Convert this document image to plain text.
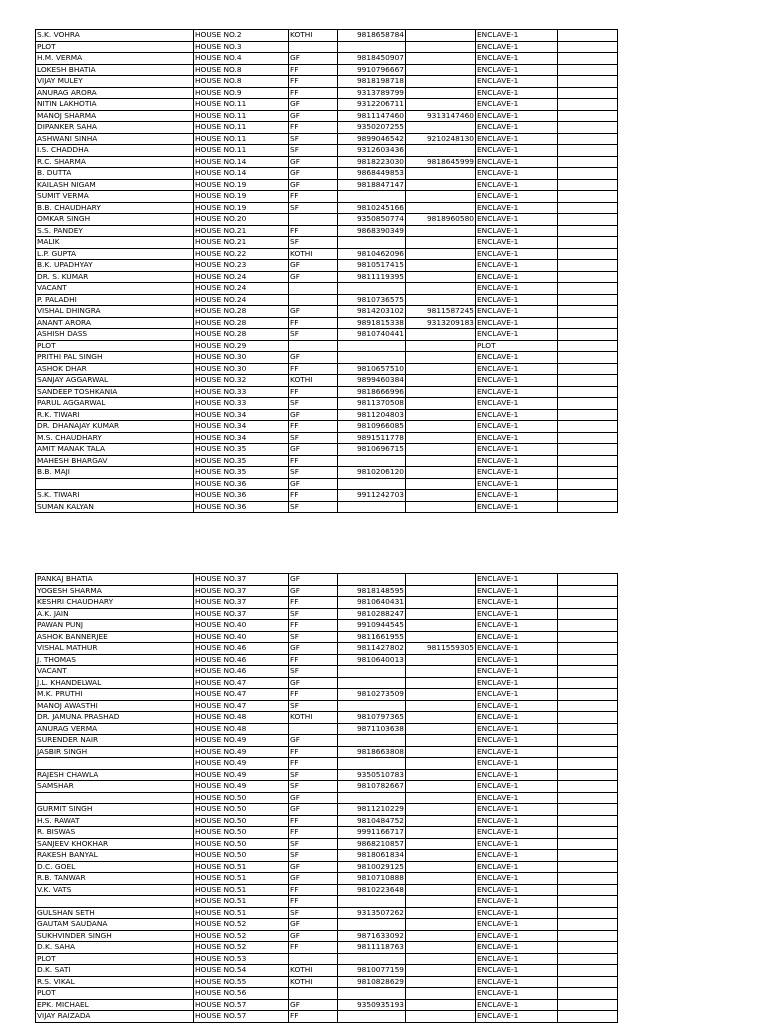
S.K. VOHRA	HOUSE NO.2	KOTHI	9818658784		ENCLAVE-1	
PLOT	HOUSE NO.3				ENCLAVE-1	
H.M. VERMA	HOUSE NO.4	GF	9818450907		ENCLAVE-1	
LOKESH BHATIA	HOUSE NO.8	FF	9910796667		ENCLAVE-1	
VIJAY MULEY	HOUSE NO.8	FF	9818198718		ENCLAVE-1	
ANURAG ARORA	HOUSE NO.9	FF	9313789799		ENCLAVE-1	
NITIN LAKHOTIA	HOUSE NO.11	GF	9312206711		ENCLAVE-1	
MANOJ SHARMA	HOUSE NO.11	GF	9811147460	9313147460	ENCLAVE-1	
DIPANKER SAHA	HOUSE NO.11	FF	9350207255		ENCLAVE-1	
ASHWANI SINHA	HOUSE NO.11	SF	9899046542	9210248130	ENCLAVE-1	
I.S. CHADDHA	HOUSE NO.11	SF	9312603436		ENCLAVE-1	
R.C. SHARMA	HOUSE NO.14	GF	9818223030	9818645999	ENCLAVE-1	
B. DUTTA	HOUSE NO.14	GF	9868449853		ENCLAVE-1	
KAILASH NIGAM	HOUSE NO.19	GF	9818847147		ENCLAVE-1	
SUMIT VERMA	HOUSE NO.19	FF			ENCLAVE-1	
B.B. CHAUDHARY	HOUSE NO.19	SF	9810245166		ENCLAVE-1	
OMKAR SINGH	HOUSE NO.20		9350850774	9818960580	ENCLAVE-1	
S.S. PANDEY	HOUSE NO.21	FF	9868390349		ENCLAVE-1	
MALIK	HOUSE NO.21	SF			ENCLAVE-1	
L.P. GUPTA	HOUSE NO.22	KOTHI	9810462096		ENCLAVE-1	
B.K. UPADHYAY	HOUSE NO.23	GF	9810517415		ENCLAVE-1	
DR. S. KUMAR	HOUSE NO.24	GF	9811119395		ENCLAVE-1	
VACANT	HOUSE NO.24				ENCLAVE-1	
P. PALADHI	HOUSE NO.24		9810736575		ENCLAVE-1	
VISHAL DHINGRA	HOUSE NO.28	GF	9814203102	9811587245	ENCLAVE-1	
ANANT ARORA	HOUSE NO.28	FF	9891815338	9313209183	ENCLAVE-1	
ASHISH DASS	HOUSE NO.28	SF	9810740441		ENCLAVE-1	
PLOT	HOUSE NO.29				PLOT	
PRITHI PAL SINGH	HOUSE NO.30	GF			ENCLAVE-1	
ASHOK DHAR	HOUSE NO.30	FF	9810657510		ENCLAVE-1	
SANJAY AGGARWAL	HOUSE NO.32	KOTHI	9899460384		ENCLAVE-1	
SANDEEP TOSHKANIA	HOUSE NO.33	FF	9818666996		ENCLAVE-1	
PARUL AGGARWAL	HOUSE NO.33	SF	9811370508		ENCLAVE-1	
R.K. TIWARI	HOUSE NO.34	GF	9811204803		ENCLAVE-1	
DR. DHANAJAY KUMAR	HOUSE NO.34	FF	9810966085		ENCLAVE-1	
M.S. CHAUDHARY	HOUSE NO.34	SF	9891511778		ENCLAVE-1	
AMIT MANAK TALA	HOUSE NO.35	GF	9810696715		ENCLAVE-1	
MAHESH BHARGAV	HOUSE NO.35	FF			ENCLAVE-1	
B.B. MAJI	HOUSE NO.35	SF	9810206120		ENCLAVE-1	
	HOUSE NO.36	GF			ENCLAVE-1	
S.K. TIWARI	HOUSE NO.36	FF	9911242703		ENCLAVE-1	
SUMAN KALYAN	HOUSE NO.36	SF			ENCLAVE-1	
PANKAJ BHATIA	HOUSE NO.37	GF			ENCLAVE-1	
YOGESH SHARMA	HOUSE NO.37	GF	9818148595		ENCLAVE-1	
KESHRI CHAUDHARY	HOUSE NO.37	FF	9810640431		ENCLAVE-1	
A.K. JAIN	HOUSE NO.37	SF	9810288247		ENCLAVE-1	
PAWAN PUNJ	HOUSE NO.40	FF	9910944545		ENCLAVE-1	
ASHOK BANNERJEE	HOUSE NO.40	SF	9811661955		ENCLAVE-1	
VISHAL MATHUR	HOUSE NO.46	GF	9811427802	9811559305	ENCLAVE-1	
J. THOMAS	HOUSE NO.46	FF	9810640013		ENCLAVE-1	
VACANT	HOUSE NO.46	SF			ENCLAVE-1	
J.L. KHANDELWAL	HOUSE NO.47	GF			ENCLAVE-1	
M.K. PRUTHI	HOUSE NO.47	FF	9810273509		ENCLAVE-1	
MANOJ AWASTHI	HOUSE NO.47	SF			ENCLAVE-1	
DR. JAMUNA PRASHAD	HOUSE NO.48	KOTHI	9810797365		ENCLAVE-1	
ANURAG VERMA	HOUSE NO.48		9871103638		ENCLAVE-1	
SURENDER NAIR	HOUSE NO.49	GF			ENCLAVE-1	
JASBIR SINGH	HOUSE NO.49	FF	9818663808		ENCLAVE-1	
	HOUSE NO.49	FF			ENCLAVE-1	
RAJESH CHAWLA	HOUSE NO.49	SF	9350510783		ENCLAVE-1	
SAMSHAR	HOUSE NO.49	SF	9810782667		ENCLAVE-1	
	HOUSE NO.50	GF			ENCLAVE-1	
GURMIT SINGH	HOUSE NO.50	GF	9811210229		ENCLAVE-1	
H.S. RAWAT	HOUSE NO.50	FF	9810484752		ENCLAVE-1	
R. BISWAS	HOUSE NO.50	FF	9991166717		ENCLAVE-1	
SANJEEV KHOKHAR	HOUSE NO.50	SF	9868210857		ENCLAVE-1	
RAKESH BANYAL	HOUSE NO.50	SF	9818061834		ENCLAVE-1	
D.C. GOEL	HOUSE NO.51	GF	9810029125		ENCLAVE-1	
R.B. TANWAR	HOUSE NO.51	GF	9810710888		ENCLAVE-1	
V.K. VATS	HOUSE NO.51	FF	9810223648		ENCLAVE-1	
	HOUSE NO.51	FF			ENCLAVE-1	
GULSHAN SETH	HOUSE NO.51	SF	9313507262		ENCLAVE-1	
GAUTAM SAUDANA	HOUSE NO.52	GF			ENCLAVE-1	
SUKHVINDER SINGH	HOUSE NO.52	GF	9871633092		ENCLAVE-1	
D.K. SAHA	HOUSE NO.52	FF	9811118763		ENCLAVE-1	
PLOT	HOUSE NO.53				ENCLAVE-1	
D.K. SATI	HOUSE NO.54	KOTHI	9810077159		ENCLAVE-1	
R.S. VIKAL	HOUSE NO.55	KOTHI	9810828629		ENCLAVE-1	
PLOT	HOUSE NO.56				ENCLAVE-1	
EPK. MICHAEL	HOUSE NO.57	GF	9350935193		ENCLAVE-1	
VIJAY RAIZADA	HOUSE NO.57	FF			ENCLAVE-1	
